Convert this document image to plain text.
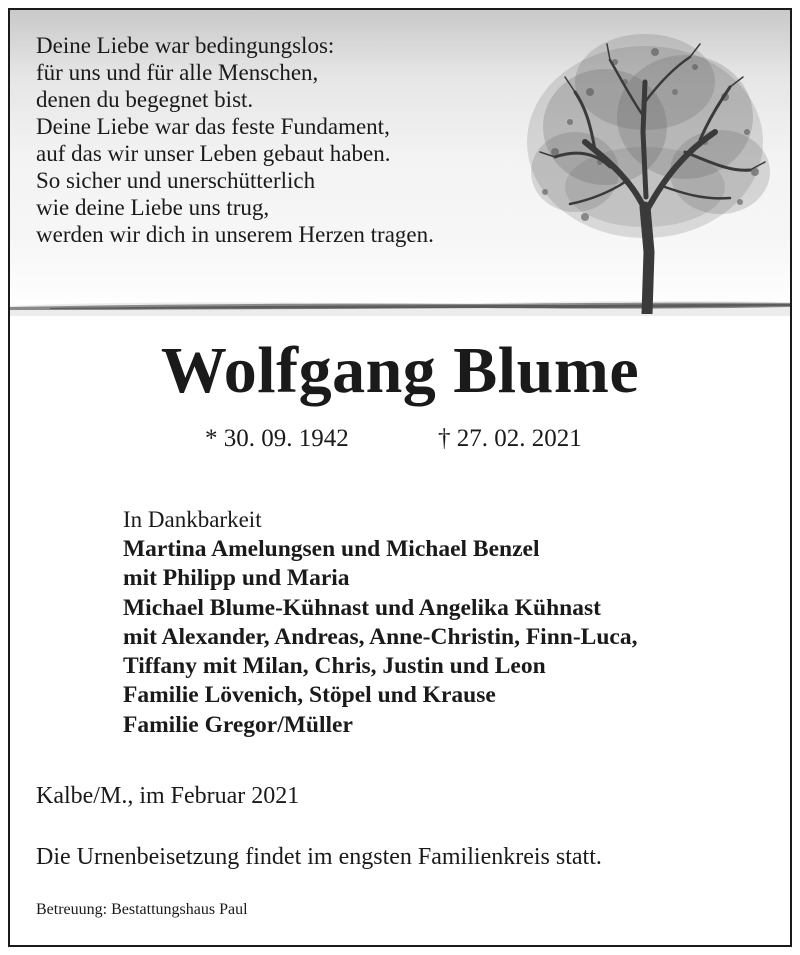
Deine Liebe war bedingungslos:
für uns und für alle Menschen,
denen du begegnet bist.
Deine Liebe war das feste Fundament,
auf das wir unser Leben gebaut haben.
So sicher und unerschütterlich
wie deine Liebe uns trug,
werden wir dich in unserem Herzen tragen.
Wolfgang Blume
* 30. 09. 1942	† 27. 02. 2021
In Dankbarkeit
Martina Amelungsen und Michael Benzel
mit Philipp und Maria
Michael Blume-Kühnast und Angelika Kühnast
mit Alexander, Andreas, Anne-Christin, Finn-Luca,
Tiffany mit Milan, Chris, Justin und Leon
Familie Lövenich, Stöpel und Krause
Familie Gregor/Müller
Kalbe/M., im Februar 2021
Die Urnenbeisetzung findet im engsten Familienkreis statt.
Betreuung: Bestattungshaus Paul
